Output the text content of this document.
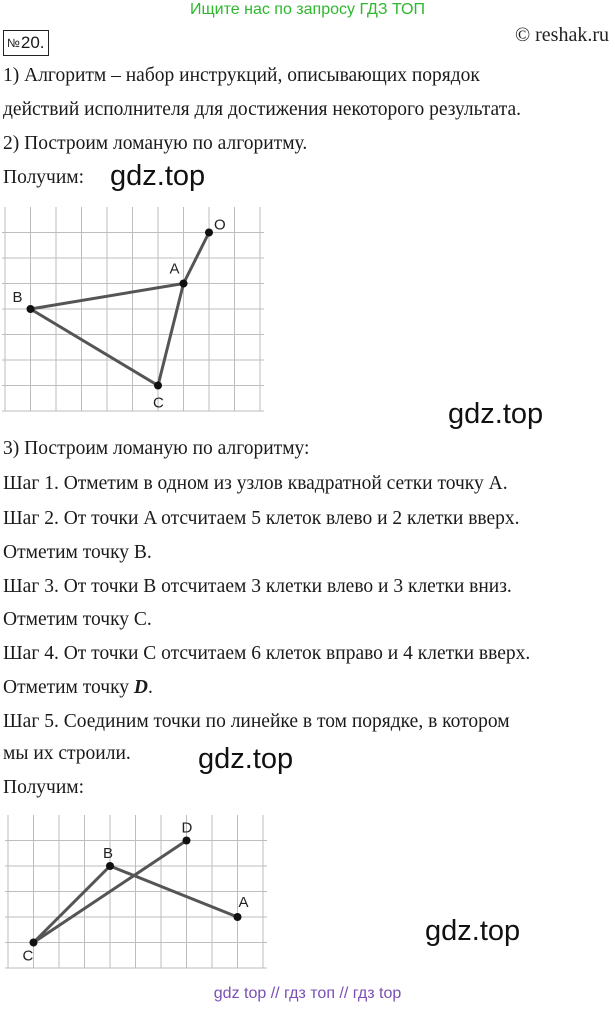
Ищите нас по запросу ГДЗ ТОП
© reshak.ru
№20.
1) Алгоритм – набор инструкций, описывающих порядок
действий исполнителя для достижения некоторого результата.
2) Построим ломаную по алгоритму.
Получим: gdz.top
gdz.top
3) Построим ломаную по алгоритму:
Шаг 1. Отметим в одном из узлов квадратной сетки точку A.
Шаг 2. От точки A отсчитаем 5 клеток влево и 2 клетки вверх.
Отметим точку B.
Шаг 3. От точки B отсчитаем 3 клетки влево и 3 клетки вниз.
Отметим точку C.
Шаг 4. От точки C отсчитаем 6 клеток вправо и 4 клетки вверх.
Отметим точку D.
Шаг 5. Соединим точки по линейке в том порядке, в котором
мы их строили. gdz.top
Получим:
gdz.top
O
A
B
C
D
B
A
C
gdz top // гдз топ // гдз top
